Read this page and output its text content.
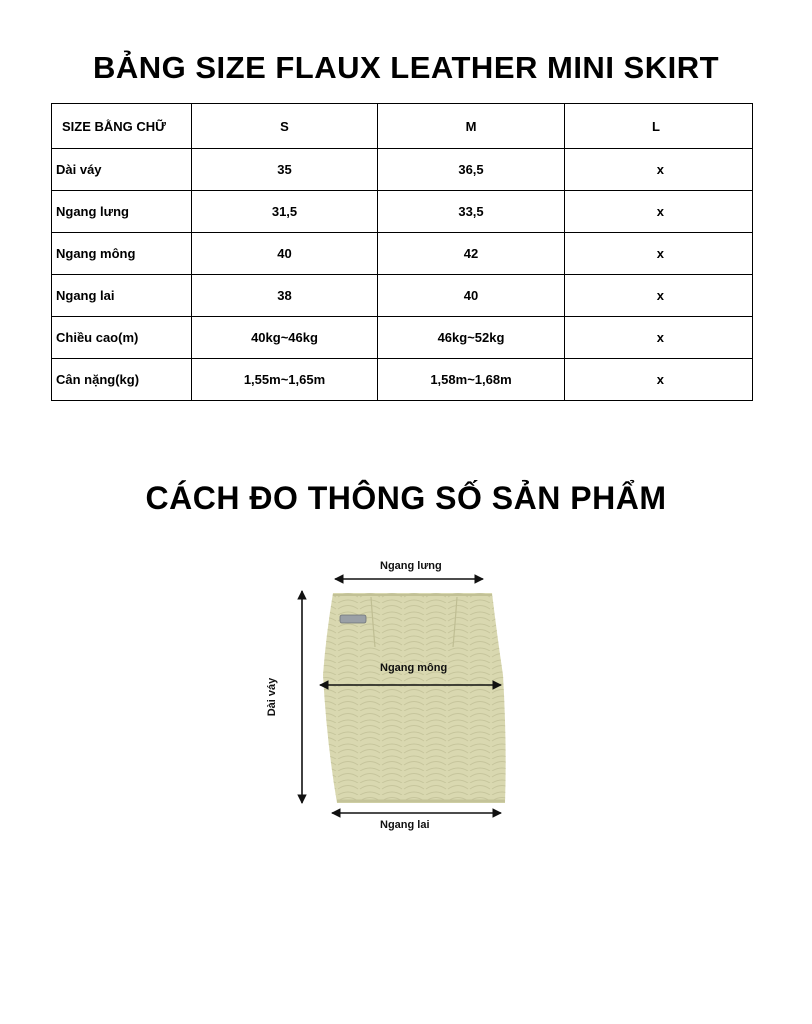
BẢNG SIZE FLAUX LEATHER MINI SKIRT
SIZE BẰNG CHỮ	S	M	L
Dài váy	35	36,5	x
Ngang lưng	31,5	33,5	x
Ngang mông	40	42	x
Ngang lai	38	40	x
Chiều cao(m)	40kg~46kg	46kg~52kg	x
Cân nặng(kg)	1,55m~1,65m	1,58m~1,68m	x
CÁCH ĐO THÔNG SỐ SẢN PHẨM
Ngang lưng
Ngang mông
Ngang lai
Dài váy
